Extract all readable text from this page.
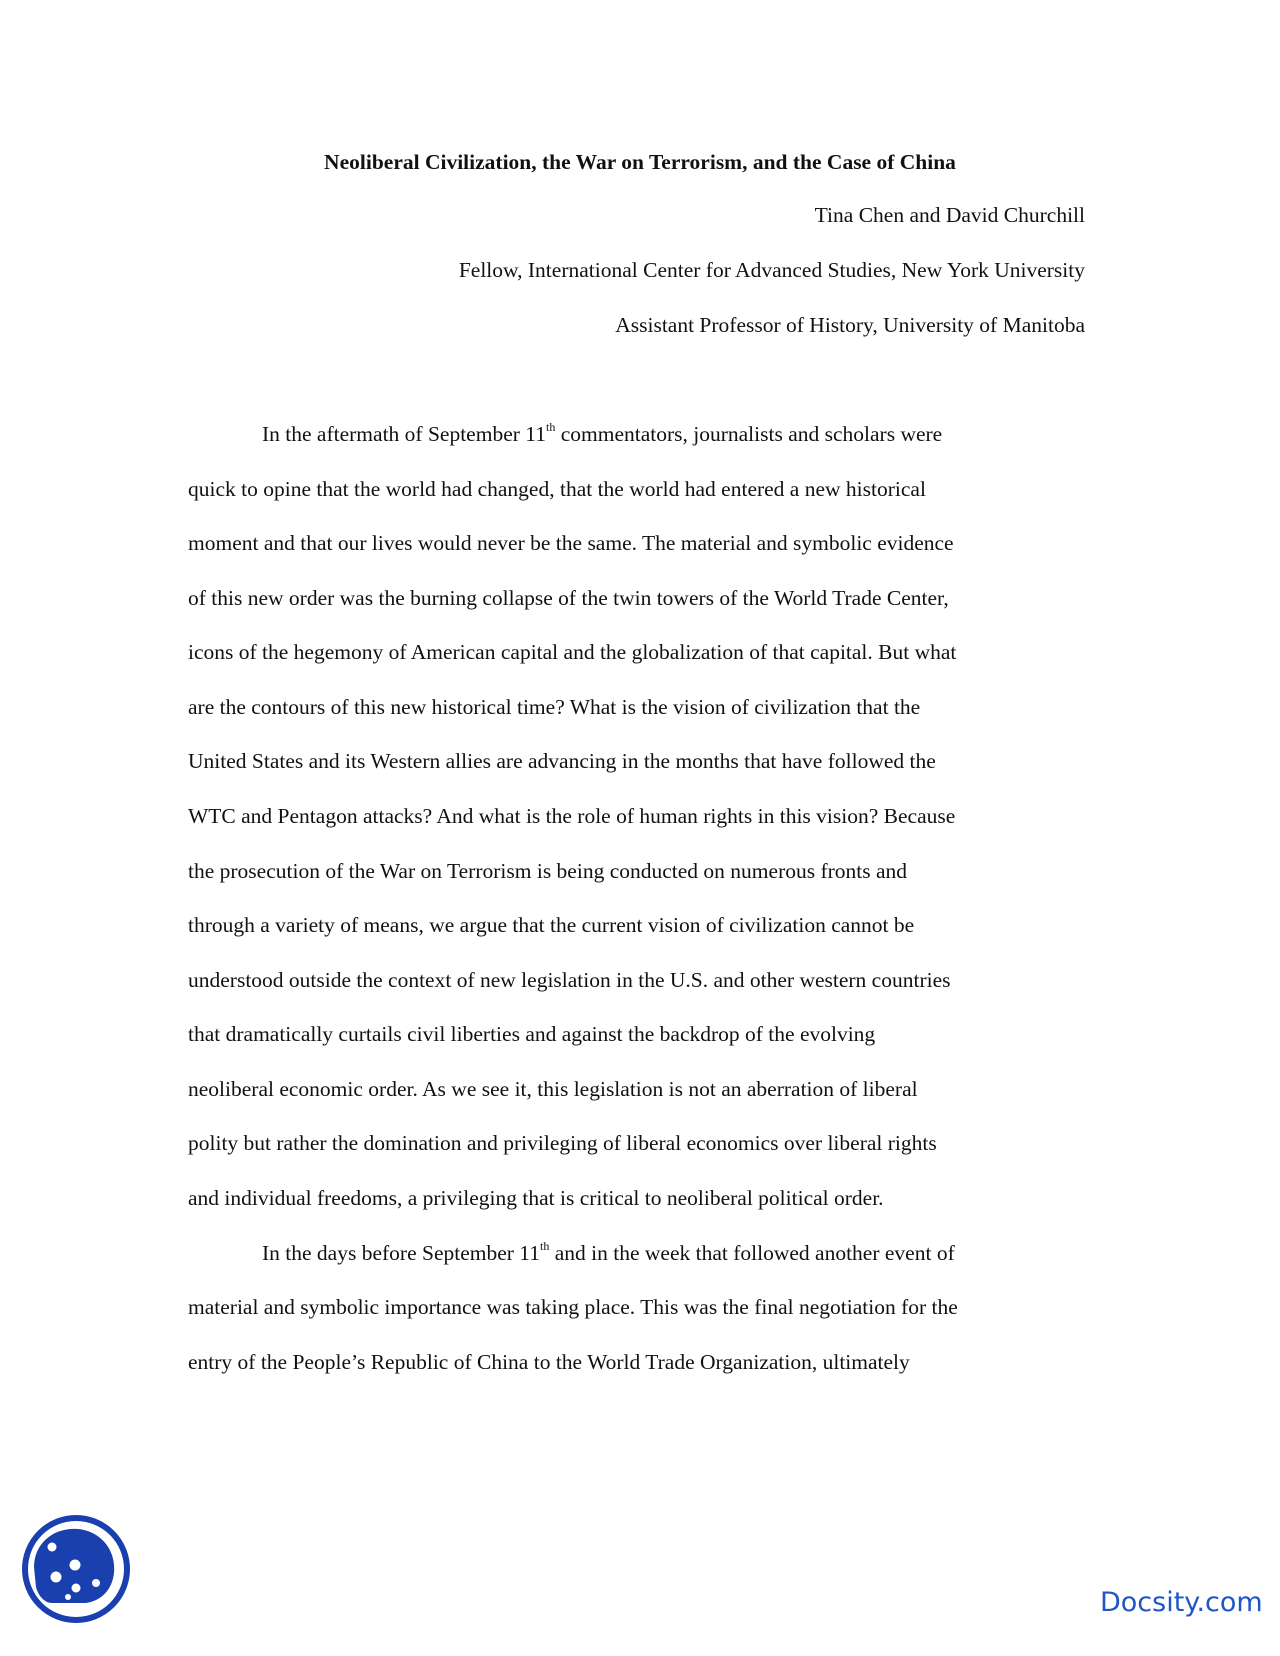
Neoliberal Civilization, the War on Terrorism, and the Case of China
Tina Chen and David Churchill
Fellow, International Center for Advanced Studies, New York University
Assistant Professor of History, University of Manitoba
In the aftermath of September 11th commentators, journalists and scholars were
quick to opine that the world had changed, that the world had entered a new historical
moment and that our lives would never be the same. The material and symbolic evidence
of this new order was the burning collapse of the twin towers of the World Trade Center,
icons of the hegemony of American capital and the globalization of that capital. But what
are the contours of this new historical time? What is the vision of civilization that the
United States and its Western allies are advancing in the months that have followed the
WTC and Pentagon attacks? And what is the role of human rights in this vision? Because
the prosecution of the War on Terrorism is being conducted on numerous fronts and
through a variety of means, we argue that the current vision of civilization cannot be
understood outside the context of new legislation in the U.S. and other western countries
that dramatically curtails civil liberties and against the backdrop of the evolving
neoliberal economic order. As we see it, this legislation is not an aberration of liberal
polity but rather the domination and privileging of liberal economics over liberal rights
and individual freedoms, a privileging that is critical to neoliberal political order.
In the days before September 11th and in the week that followed another event of
material and symbolic importance was taking place. This was the final negotiation for the
entry of the People’s Republic of China to the World Trade Organization, ultimately
Docsity.com
